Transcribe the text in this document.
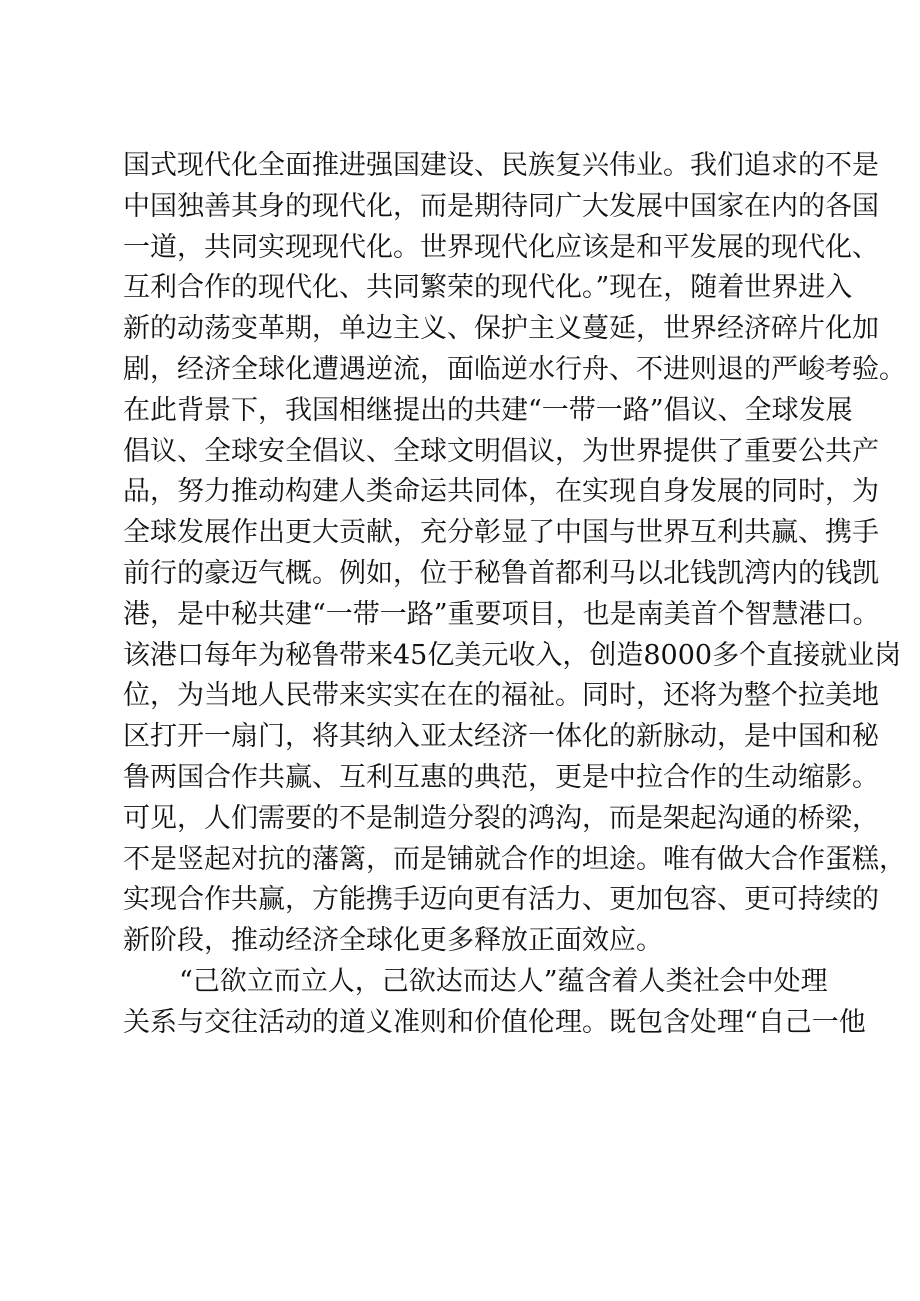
国式现代化全面推进强国建设、民族复兴伟业。我们追求的不是
中国独善其身的现代化，而是期待同广大发展中国家在内的各国
一道，共同实现现代化。世界现代化应该是和平发展的现代化、
互利合作的现代化、共同繁荣的现代化。”现在，随着世界进入
新的动荡变革期，单边主义、保护主义蔓延，世界经济碎片化加
剧，经济全球化遭遇逆流，面临逆水行舟、不进则退的严峻考验。
在此背景下，我国相继提出的共建“一带一路”倡议、全球发展
倡议、全球安全倡议、全球文明倡议，为世界提供了重要公共产
品，努力推动构建人类命运共同体，在实现自身发展的同时，为
全球发展作出更大贡献，充分彰显了中国与世界互利共赢、携手
前行的豪迈气概。例如，位于秘鲁首都利马以北钱凯湾内的钱凯
港，是中秘共建“一带一路”重要项目，也是南美首个智慧港口。
该港口每年为秘鲁带来45亿美元收入，创造8000多个直接就业岗
位，为当地人民带来实实在在的福祉。同时，还将为整个拉美地
区打开一扇门，将其纳入亚太经济一体化的新脉动，是中国和秘
鲁两国合作共赢、互利互惠的典范，更是中拉合作的生动缩影。
可见，人们需要的不是制造分裂的鸿沟，而是架起沟通的桥梁，
不是竖起对抗的藩篱，而是铺就合作的坦途。唯有做大合作蛋糕，
实现合作共赢，方能携手迈向更有活力、更加包容、更可持续的
新阶段，推动经济全球化更多释放正面效应。
“己欲立而立人，己欲达而达人”蕴含着人类社会中处理
关系与交往活动的道义准则和价值伦理。既包含处理“自己一他
